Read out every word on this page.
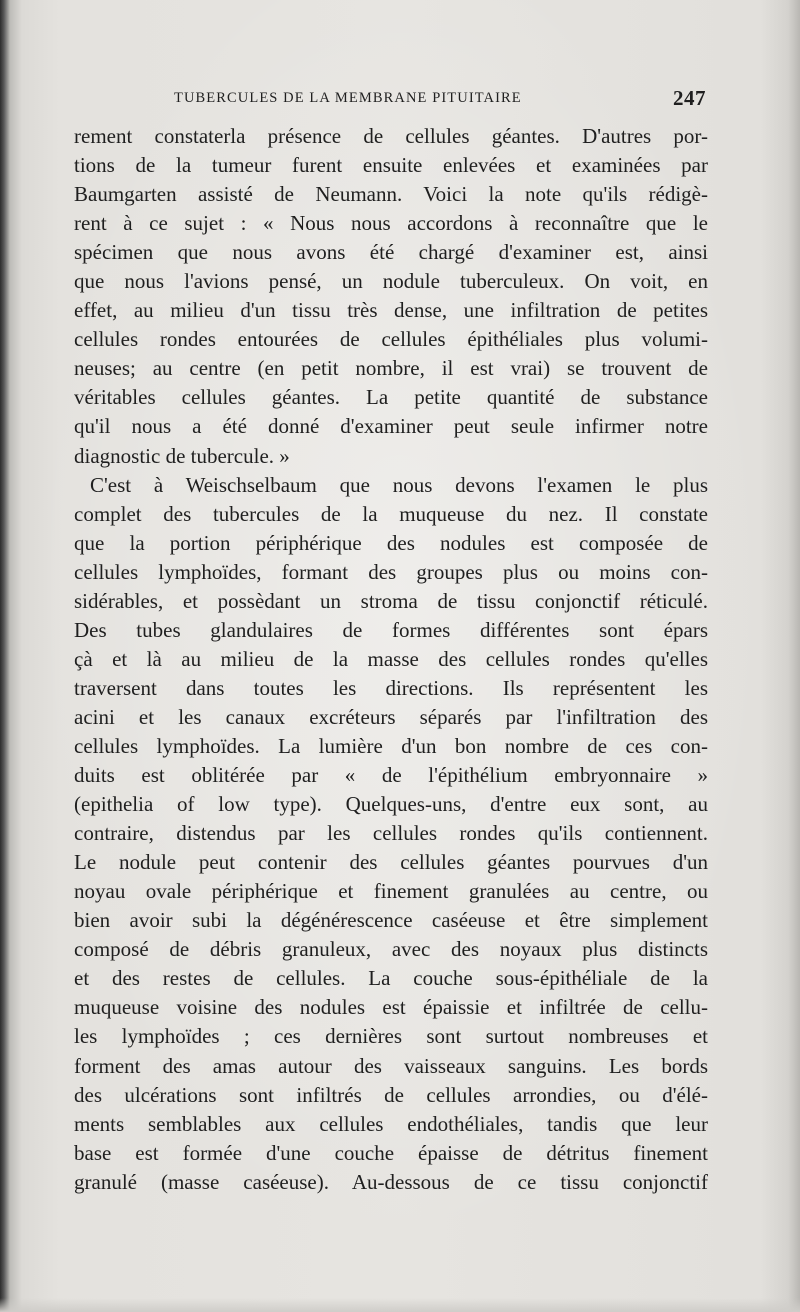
TUBERCULES DE LA MEMBRANE PITUITAIRE	247
rement constaterla présence de cellules géantes. D'autres por-
tions de la tumeur furent ensuite enlevées et examinées par
Baumgarten assisté de Neumann. Voici la note qu'ils rédigè-
rent à ce sujet : « Nous nous accordons à reconnaître que le
spécimen que nous avons été chargé d'examiner est, ainsi
que nous l'avions pensé, un nodule tuberculeux. On voit, en
effet, au milieu d'un tissu très dense, une infiltration de petites
cellules rondes entourées de cellules épithéliales plus volumi-
neuses; au centre (en petit nombre, il est vrai) se trouvent de
véritables cellules géantes. La petite quantité de substance
qu'il nous a été donné d'examiner peut seule infirmer notre
diagnostic de tubercule. »
C'est à Weischselbaum que nous devons l'examen le plus
complet des tubercules de la muqueuse du nez. Il constate
que la portion périphérique des nodules est composée de
cellules lymphoïdes, formant des groupes plus ou moins con-
sidérables, et possèdant un stroma de tissu conjonctif réticulé.
Des tubes glandulaires de formes différentes sont épars
çà et là au milieu de la masse des cellules rondes qu'elles
traversent dans toutes les directions. Ils représentent les
acini et les canaux excréteurs séparés par l'infiltration des
cellules lymphoïdes. La lumière d'un bon nombre de ces con-
duits est oblitérée par « de l'épithélium embryonnaire »
(epithelia of low type). Quelques-uns, d'entre eux sont, au
contraire, distendus par les cellules rondes qu'ils contiennent.
Le nodule peut contenir des cellules géantes pourvues d'un
noyau ovale périphérique et finement granulées au centre, ou
bien avoir subi la dégénérescence caséeuse et être simplement
composé de débris granuleux, avec des noyaux plus distincts
et des restes de cellules. La couche sous-épithéliale de la
muqueuse voisine des nodules est épaissie et infiltrée de cellu-
les lymphoïdes ; ces dernières sont surtout nombreuses et
forment des amas autour des vaisseaux sanguins. Les bords
des ulcérations sont infiltrés de cellules arrondies, ou d'élé-
ments semblables aux cellules endothéliales, tandis que leur
base est formée d'une couche épaisse de détritus finement
granulé (masse caséeuse). Au-dessous de ce tissu conjonctif
